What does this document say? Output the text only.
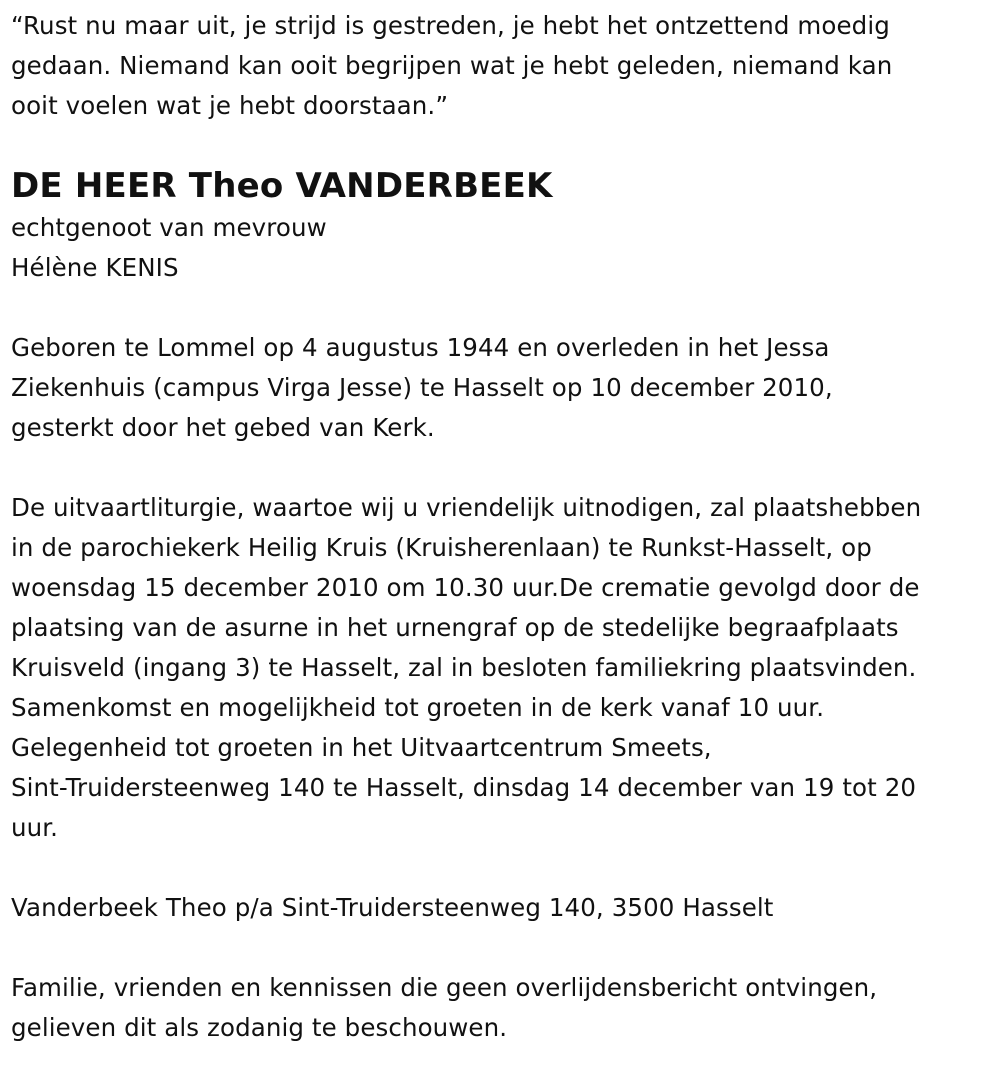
“Rust nu maar uit, je strijd is gestreden, je hebt het ontzettend moedig
gedaan. Niemand kan ooit begrijpen wat je hebt geleden, niemand kan
ooit voelen wat je hebt doorstaan.”

DE HEER Theo VANDERBEEK

echtgenoot van mevrouw
Hélène KENIS

Geboren te Lommel op 4 augustus 1944 en overleden in het Jessa
Ziekenhuis (campus Virga Jesse) te Hasselt op 10 december 2010,
gesterkt door het gebed van Kerk.

De uitvaartliturgie, waartoe wij u vriendelijk uitnodigen, zal plaatshebben
in de parochiekerk Heilig Kruis (Kruisherenlaan) te Runkst-Hasselt, op
woensdag 15 december 2010 om 10.30 uur.De crematie gevolgd door de
plaatsing van de asurne in het urnengraf op de stedelijke begraafplaats
Kruisveld (ingang 3) te Hasselt, zal in besloten familiekring plaatsvinden.
Samenkomst en mogelijkheid tot groeten in de kerk vanaf 10 uur.
Gelegenheid tot groeten in het Uitvaartcentrum Smeets,
Sint-Truidersteenweg 140 te Hasselt, dinsdag 14 december van 19 tot 20
uur.

Vanderbeek Theo p/a Sint-Truidersteenweg 140, 3500 Hasselt

Familie, vrienden en kennissen die geen overlijdensbericht ontvingen,
gelieven dit als zodanig te beschouwen.
